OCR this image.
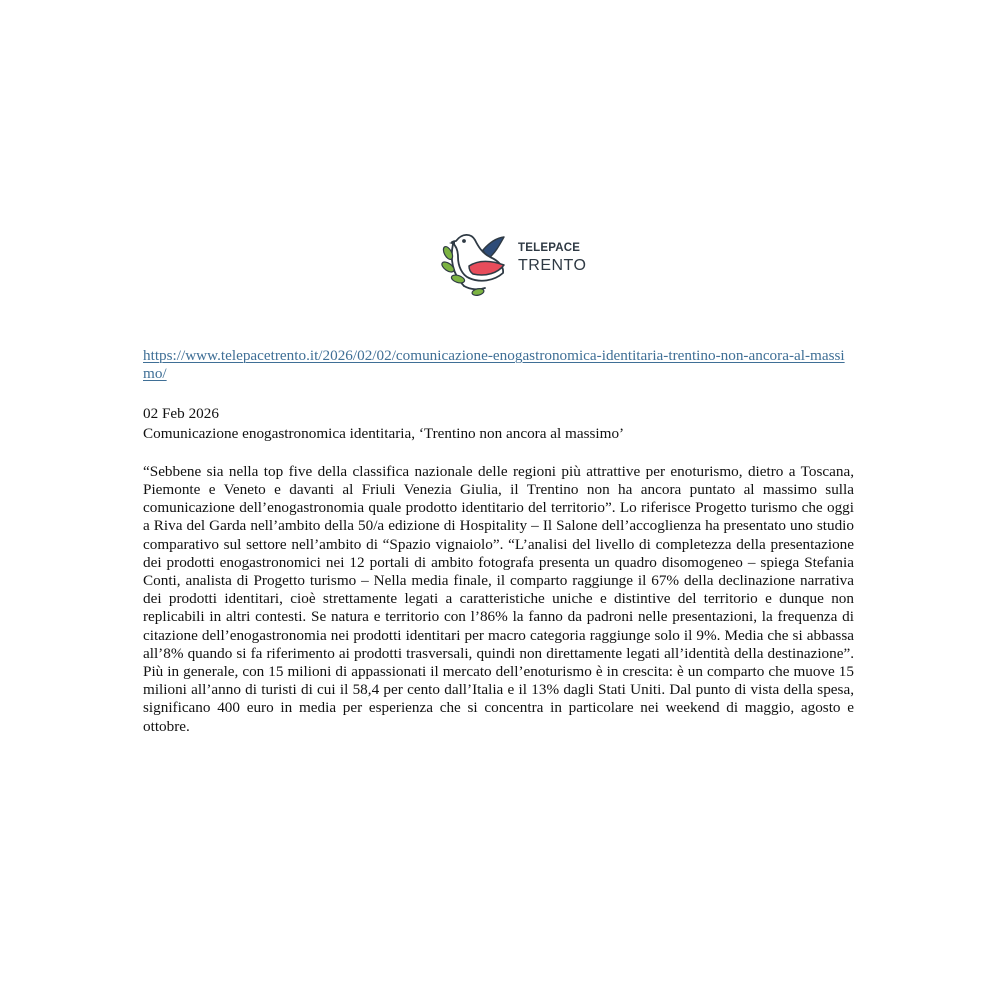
TELEPACE
TRENTO
https://www.telepacetrento.it/2026/02/02/comunicazione-enogastronomica-identitaria-trentino-non-ancora-al-massimo/
02 Feb 2026
Comunicazione enogastronomica identitaria, ‘Trentino non ancora al massimo’
“Sebbene sia nella top five della classifica nazionale delle regioni più attrattive per enoturismo, dietro a Toscana, Piemonte e Veneto e davanti al Friuli Venezia Giulia, il Trentino non ha ancora puntato al massimo sulla comunicazione dell’enogastronomia quale prodotto identitario del territorio”. Lo riferisce Progetto turismo che oggi a Riva del Garda nell’ambito della 50/a edizione di Hospitality – Il Salone dell’accoglienza ha presentato uno studio comparativo sul settore nell’ambito di “Spazio vignaiolo”. “L’analisi del livello di completezza della presentazione dei prodotti enogastronomici nei 12 portali di ambito fotografa presenta un quadro disomogeneo – spiega Stefania Conti, analista di Progetto turismo – Nella media finale, il comparto raggiunge il 67% della declinazione narrativa dei prodotti identitari, cioè strettamente legati a caratteristiche uniche e distintive del territorio e dunque non replicabili in altri contesti. Se natura e territorio con l’86% la fanno da padroni nelle presentazioni, la frequenza di citazione dell’enogastronomia nei prodotti identitari per macro categoria raggiunge solo il 9%. Media che si abbassa all’8% quando si fa riferimento ai prodotti trasversali, quindi non direttamente legati all’identità della destinazione”. Più in generale, con 15 milioni di appassionati il mercato dell’enoturismo è in crescita: è un comparto che muove 15 milioni all’anno di turisti di cui il 58,4 per cento dall’Italia e il 13% dagli Stati Uniti. Dal punto di vista della spesa, significano 400 euro in media per esperienza che si concentra in particolare nei weekend di maggio, agosto e ottobre.
